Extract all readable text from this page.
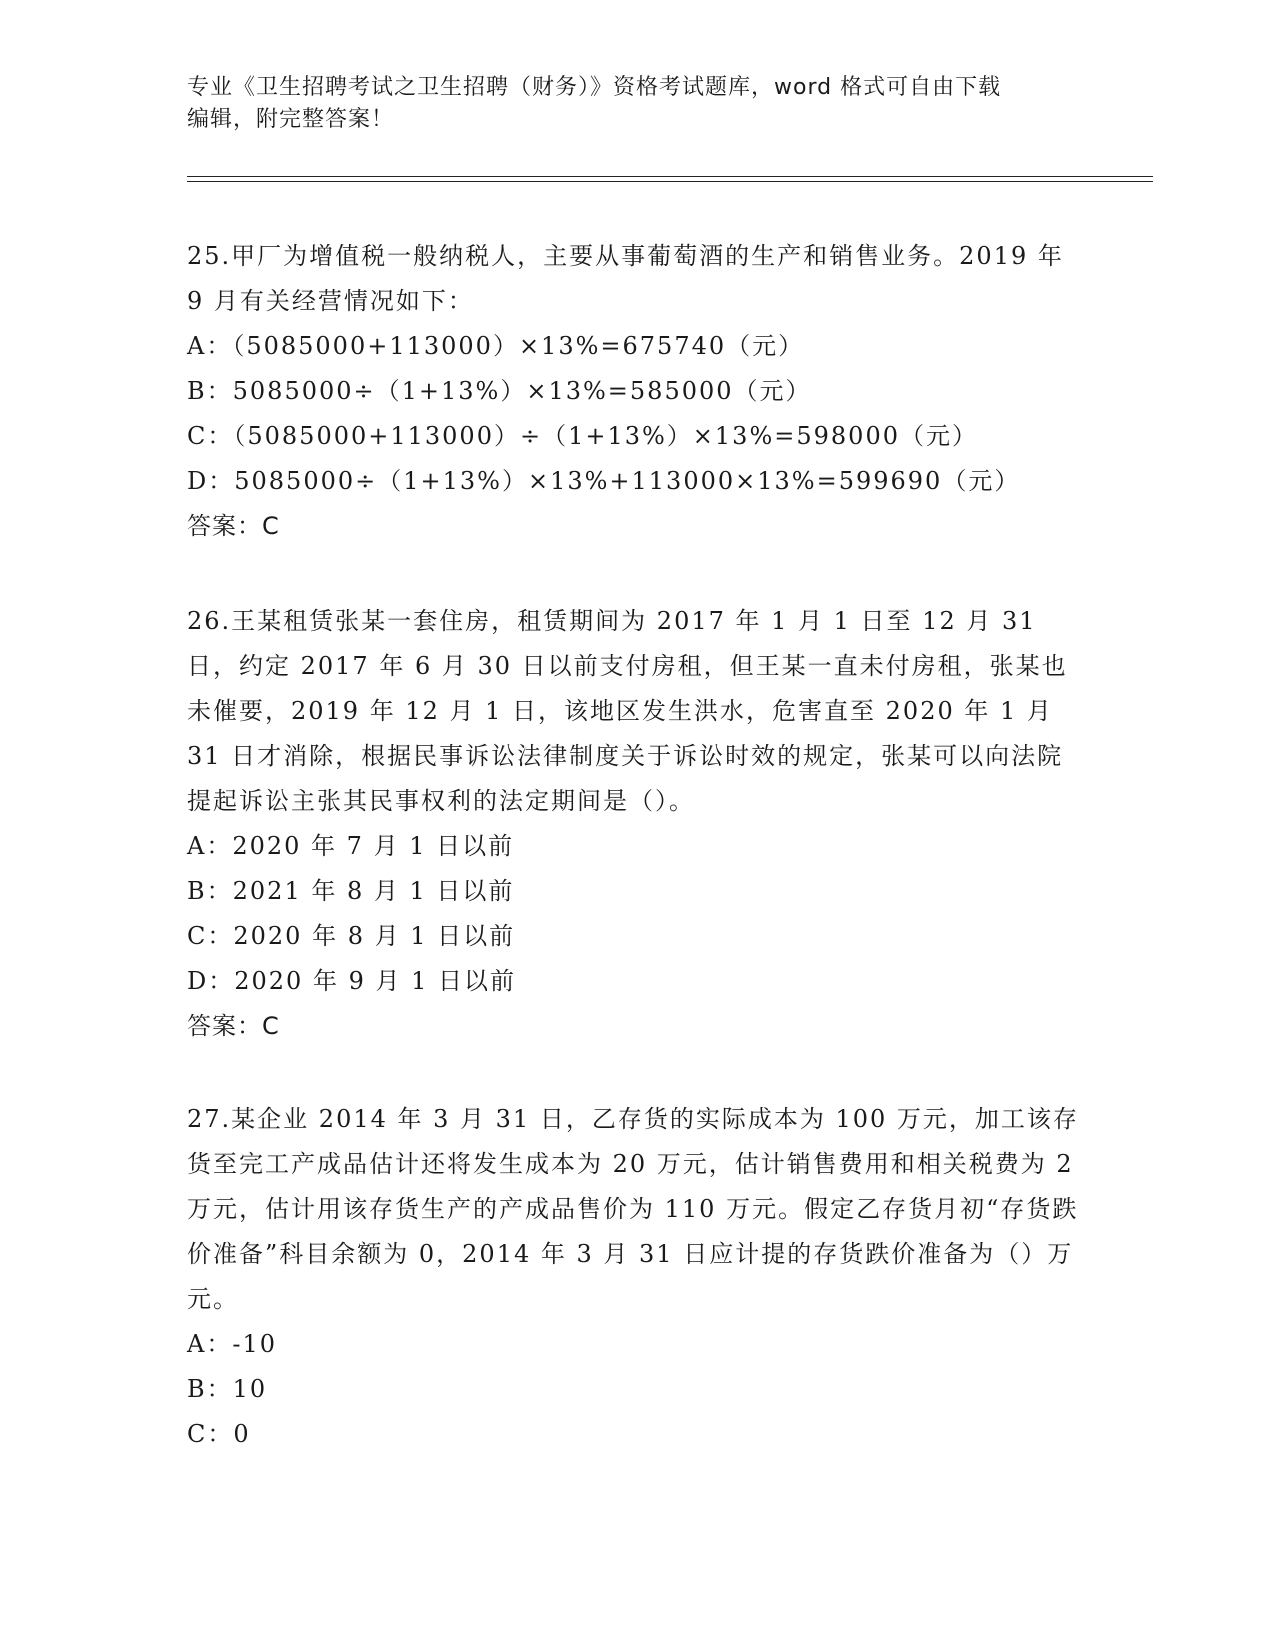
专业《卫生招聘考试之卫生招聘（财务）》资格考试题库，word 格式可自由下载

编辑，附完整答案！

25.甲厂为增值税一般纳税人，主要从事葡萄酒的生产和销售业务。2019 年 9 月有关经营情况如下：

A：（5085000+113000）×13%=675740（元）

B：5085000÷（1+13%）×13%=585000（元）

C：（5085000+113000）÷（1+13%）×13%=598000（元）

D：5085000÷（1+13%）×13%+113000×13%=599690（元）

答案：C

26.王某租赁张某一套住房，租赁期间为 2017 年 1 月 1 日至 12 月 31 日，约定 2017 年 6 月 30 日以前支付房租，但王某一直未付房租，张某也未催要，2019 年 12 月 1 日，该地区发生洪水，危害直至 2020 年 1 月 31 日才消除，根据民事诉讼法律制度关于诉讼时效的规定，张某可以向法院提起诉讼主张其民事权利的法定期间是（）。

A：2020 年 7 月 1 日以前

B：2021 年 8 月 1 日以前

C：2020 年 8 月 1 日以前

D：2020 年 9 月 1 日以前

答案：C

27.某企业 2014 年 3 月 31 日，乙存货的实际成本为 100 万元，加工该存货至完工产成品估计还将发生成本为 20 万元，估计销售费用和相关税费为 2 万元，估计用该存货生产的产成品售价为 110 万元。假定乙存货月初“存货跌价准备”科目余额为 0，2014 年 3 月 31 日应计提的存货跌价准备为（）万元。

A：-10

B：10

C：0
